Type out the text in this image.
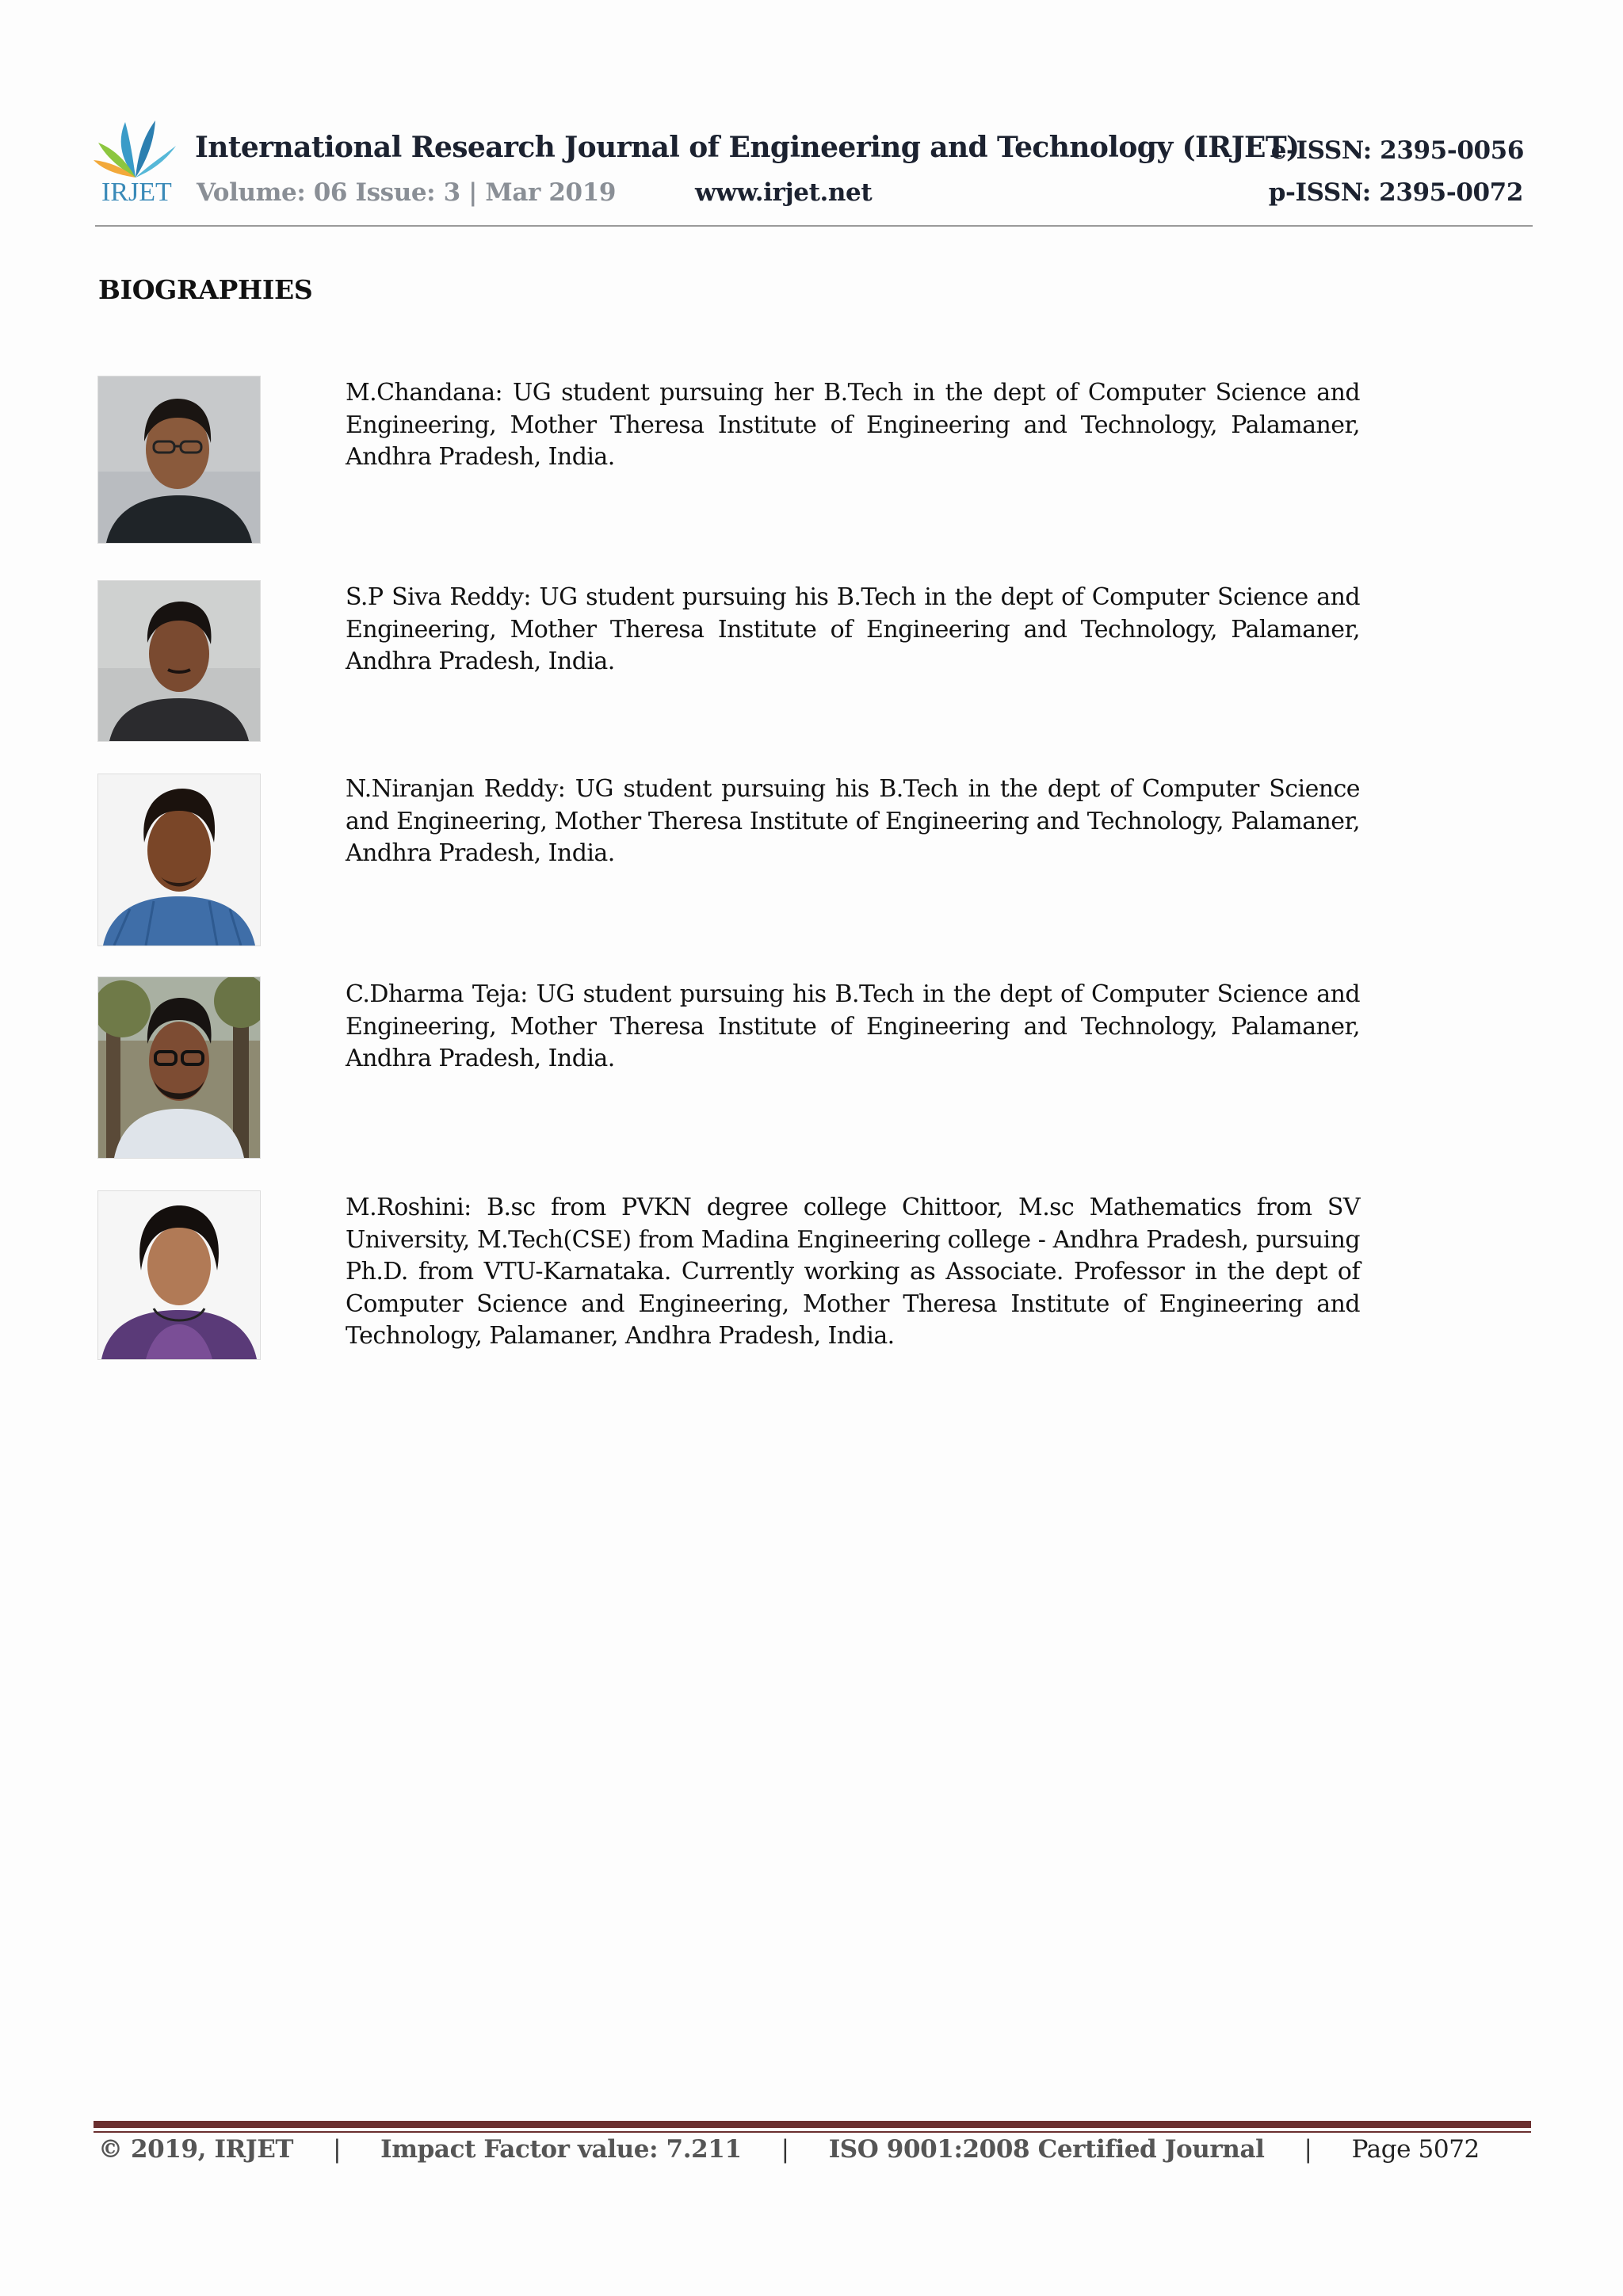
IRJET
International Research Journal of Engineering and Technology (IRJET)
e-ISSN: 2395-0056
Volume: 06 Issue: 3 | Mar 2019	www.irjet.net	p-ISSN: 2395-0072
BIOGRAPHIES
M.Chandana: UG student pursuing her B.Tech in the dept of Computer Science and Engineering, Mother Theresa Institute of Engineering and Technology, Palamaner, Andhra Pradesh, India.
S.P Siva Reddy: UG student pursuing his B.Tech in the dept of Computer Science and Engineering, Mother Theresa Institute of Engineering and Technology, Palamaner, Andhra Pradesh, India.
N.Niranjan Reddy: UG student pursuing his B.Tech in the dept of Computer Science and Engineering, Mother Theresa Institute of Engineering and Technology, Palamaner, Andhra Pradesh, India.
C.Dharma Teja: UG student pursuing his B.Tech in the dept of Computer Science and Engineering, Mother Theresa Institute of Engineering and Technology, Palamaner, Andhra Pradesh, India.
M.Roshini: B.sc from PVKN degree college Chittoor, M.sc Mathematics from SV University, M.Tech(CSE) from Madina Engineering college - Andhra Pradesh, pursuing Ph.D. from VTU-Karnataka. Currently working as Associate. Professor in the dept of Computer Science and Engineering, Mother Theresa Institute of Engineering and Technology, Palamaner, Andhra Pradesh, India.
© 2019, IRJET | Impact Factor value: 7.211 | ISO 9001:2008 Certified Journal | Page 5072
